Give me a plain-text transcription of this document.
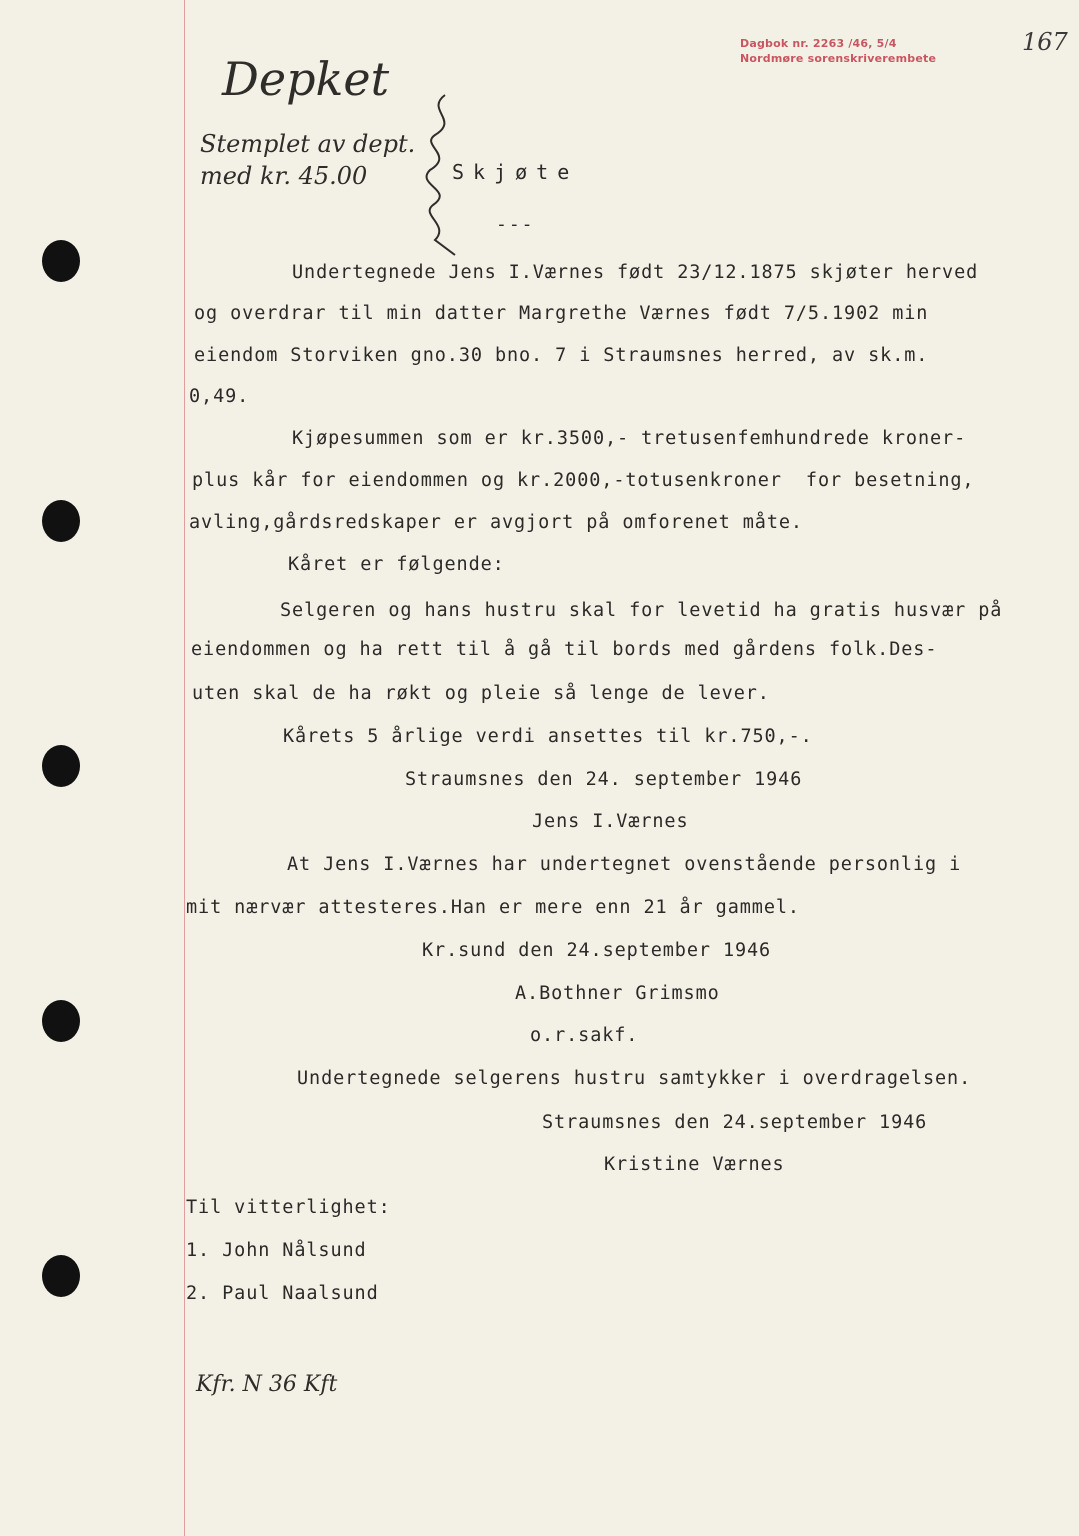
Dagbok nr. 2263 /46, 5/4
Nordmøre sorenskriverembete
167
Depket
Stemplet av dept. med kr. 45.00	Skjøte
---
Undertegnede Jens I.Værnes født 23/12.1875 skjøter herved
og overdrar til min datter Margrethe Værnes født 7/5.1902 min
eiendom Storviken gno.30 bno. 7 i Straumsnes herred, av sk.m.
0,49.
Kjøpesummen som er kr.3500,- tretusenfemhundrede kroner-
plus kår for eiendommen og kr.2000,-totusenkroner  for besetning,
avling,gårdsredskaper er avgjort på omforenet måte.
Kåret er følgende:
Selgeren og hans hustru skal for levetid ha gratis husvær på
eiendommen og ha rett til å gå til bords med gårdens folk.Des-
uten skal de ha røkt og pleie så lenge de lever.
Kårets 5 årlige verdi ansettes til kr.750,-.
Straumsnes den 24. september 1946
Jens I.Værnes
At Jens I.Værnes har undertegnet ovenstående personlig i
mit nærvær attesteres.Han er mere enn 21 år gammel.
Kr.sund den 24.september 1946
A.Bothner Grimsmo
o.r.sakf.
Undertegnede selgerens hustru samtykker i overdragelsen.
Straumsnes den 24.september 1946
Kristine Værnes
Til vitterlighet:
1. John Nålsund
2. Paul Naalsund
Kfr. N 36 Kft
